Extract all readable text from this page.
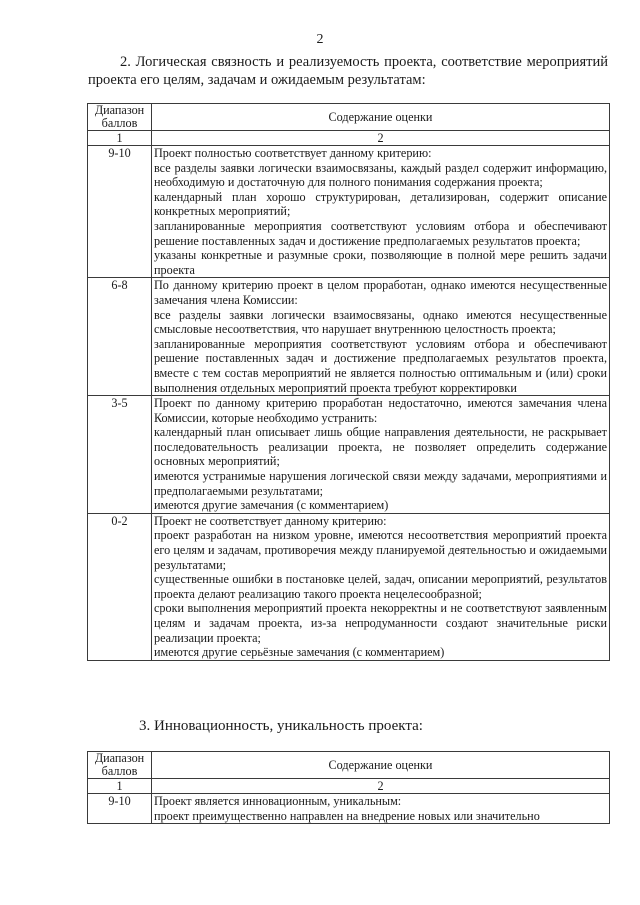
2
2. Логическая связность и реализуемость проекта, соответствие мероприятий проекта его целям, задачам и ожидаемым результатам:
Диапазон
баллов	Содержание оценки
1	2
9-10	Проект полностью соответствует данному критерию:

все разделы заявки логически взаимосвязаны, каждый раздел содержит информацию, необходимую и достаточную для полного понимания содержания проекта;

календарный план хорошо структурирован, детализирован, содержит описание конкретных мероприятий;

запланированные мероприятия соответствуют условиям отбора и обеспечивают решение поставленных задач и достижение предполагаемых результатов проекта;

указаны конкретные и разумные сроки, позволяющие в полной мере решить задачи проекта

6-8	По данному критерию проект в целом проработан, однако имеются несущественные замечания члена Комиссии:

все разделы заявки логически взаимосвязаны, однако имеются несущественные смысловые несоответствия, что нарушает внутреннюю целостность проекта;

запланированные мероприятия соответствуют условиям отбора и обеспечивают решение поставленных задач и достижение предполагаемых результатов проекта, вместе с тем состав мероприятий не является полностью оптимальным и (или) сроки выполнения отдельных мероприятий проекта требуют корректировки

3-5	Проект по данному критерию проработан недостаточно, имеются замечания члена Комиссии, которые необходимо устранить:

календарный план описывает лишь общие направления деятельности, не раскрывает последовательность реализации проекта, не позволяет определить содержание основных мероприятий;

имеются устранимые нарушения логической связи между задачами, мероприятиями и предполагаемыми результатами;

имеются другие замечания (с комментарием)

0-2	Проект не соответствует данному критерию:

проект разработан на низком уровне, имеются несоответствия мероприятий проекта его целям и задачам, противоречия между планируемой деятельностью и ожидаемыми результатами;

существенные ошибки в постановке целей, задач, описании мероприятий, результатов проекта делают реализацию такого проекта нецелесообразной;

сроки выполнения мероприятий проекта некорректны и не соответствуют заявленным целям и задачам проекта, из-за непродуманности создают значительные риски реализации проекта;

имеются другие серьёзные замечания (с комментарием)

3. Инновационность, уникальность проекта:
Диапазон
баллов	Содержание оценки
1	2
9-10	Проект является инновационным, уникальным:

проект преимущественно направлен на внедрение новых или значительно
